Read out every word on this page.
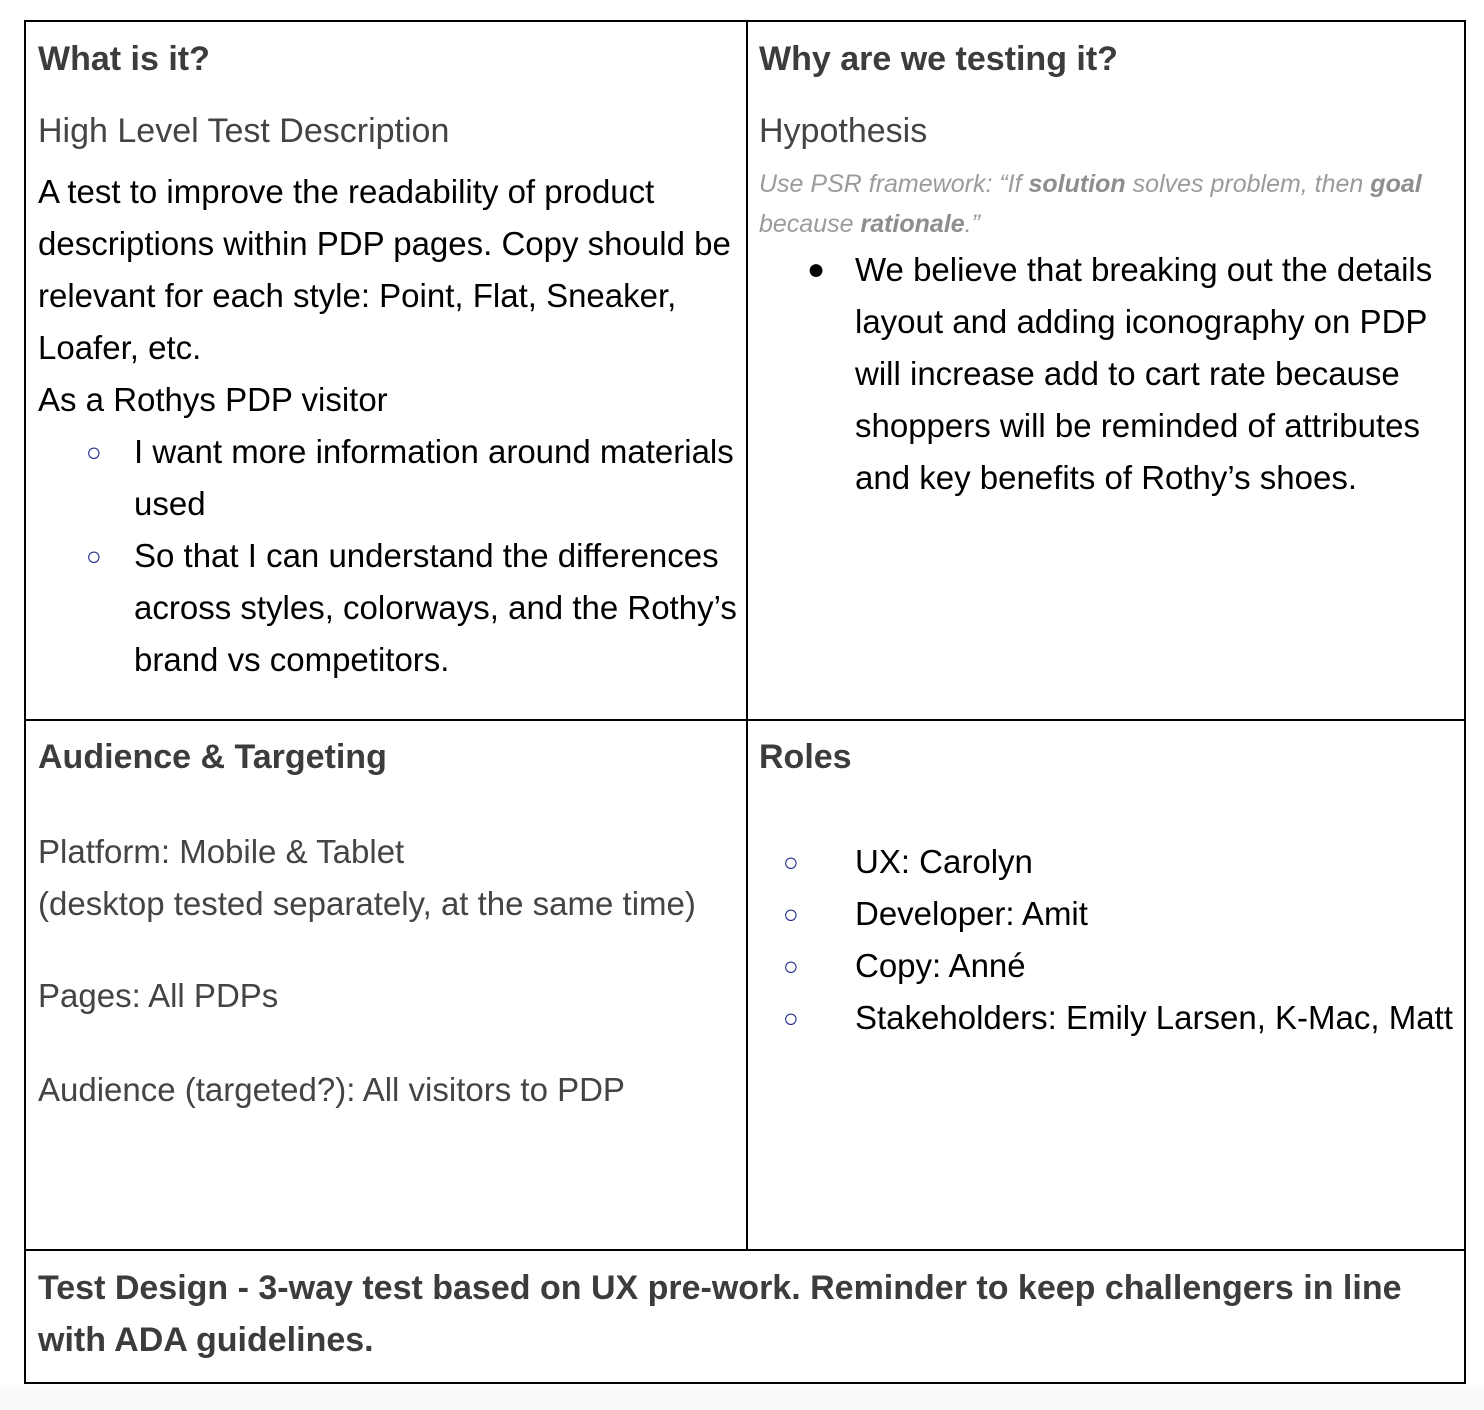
What is it?

High Level Test Description

A test to improve the readability of product descriptions within PDP pages. Copy should be relevant for each style: Point, Flat, Sneaker, Loafer, etc.

As a Rothys PDP visitor

○ I want more information around materials used
○ So that I can understand the differences across styles, colorways, and the Rothy’s brand vs competitors.

Why are we testing it?

Hypothesis

Use PSR framework: “If solution solves problem, then goal because rationale.”

● We believe that breaking out the details layout and adding iconography on PDP will increase add to cart rate because shoppers will be reminded of attributes and key benefits of Rothy’s shoes.

Audience & Targeting

Platform: Mobile & Tablet

(desktop tested separately, at the same time)

Pages: All PDPs

Audience (targeted?): All visitors to PDP

Roles

○ UX: Carolyn
○ Developer: Amit
○ Copy: Anné
○ Stakeholders: Emily Larsen, K-Mac, Matt

Test Design - 3-way test based on UX pre-work. Reminder to keep challengers in line with ADA guidelines.
